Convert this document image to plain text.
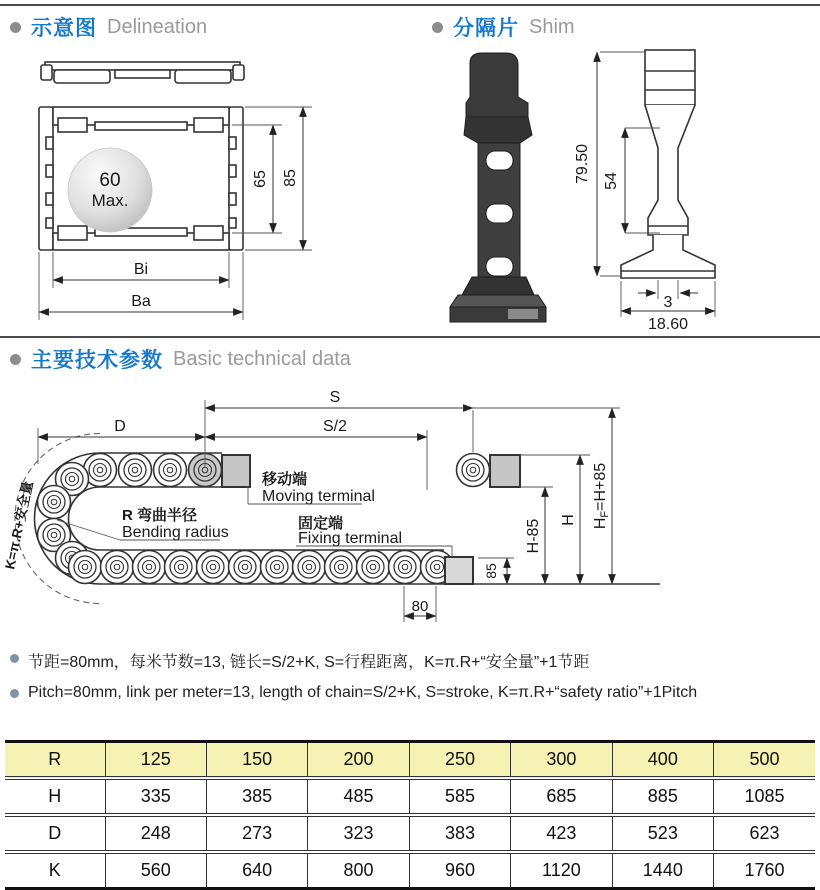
示意图 Delineation	分隔片 Shim
主要技术参数 Basic technical data
60
Max.
65 85
Bi
Ba
79.50 54
3
18.60
S
S/2
D
K=π.R+安全量	R 弯曲半径
Bending radius
移动端
Moving terminal
固定端
Fixing terminal	H-85 H HF=H+85
85
80
节距=80mm，每米节数=13, 链长=S/2+K, S=行程距离，K=π.R+“安全量”+1节距
Pitch=80mm, link per meter=13, length of chain=S/2+K, S=stroke, K=π.R+“safety ratio”+1Pitch
R	125	150	200	250	300	400	500
H	335	385	485	585	685	885	1085
D	248	273	323	383	423	523	623
K	560	640	800	960	1120	1440	1760
